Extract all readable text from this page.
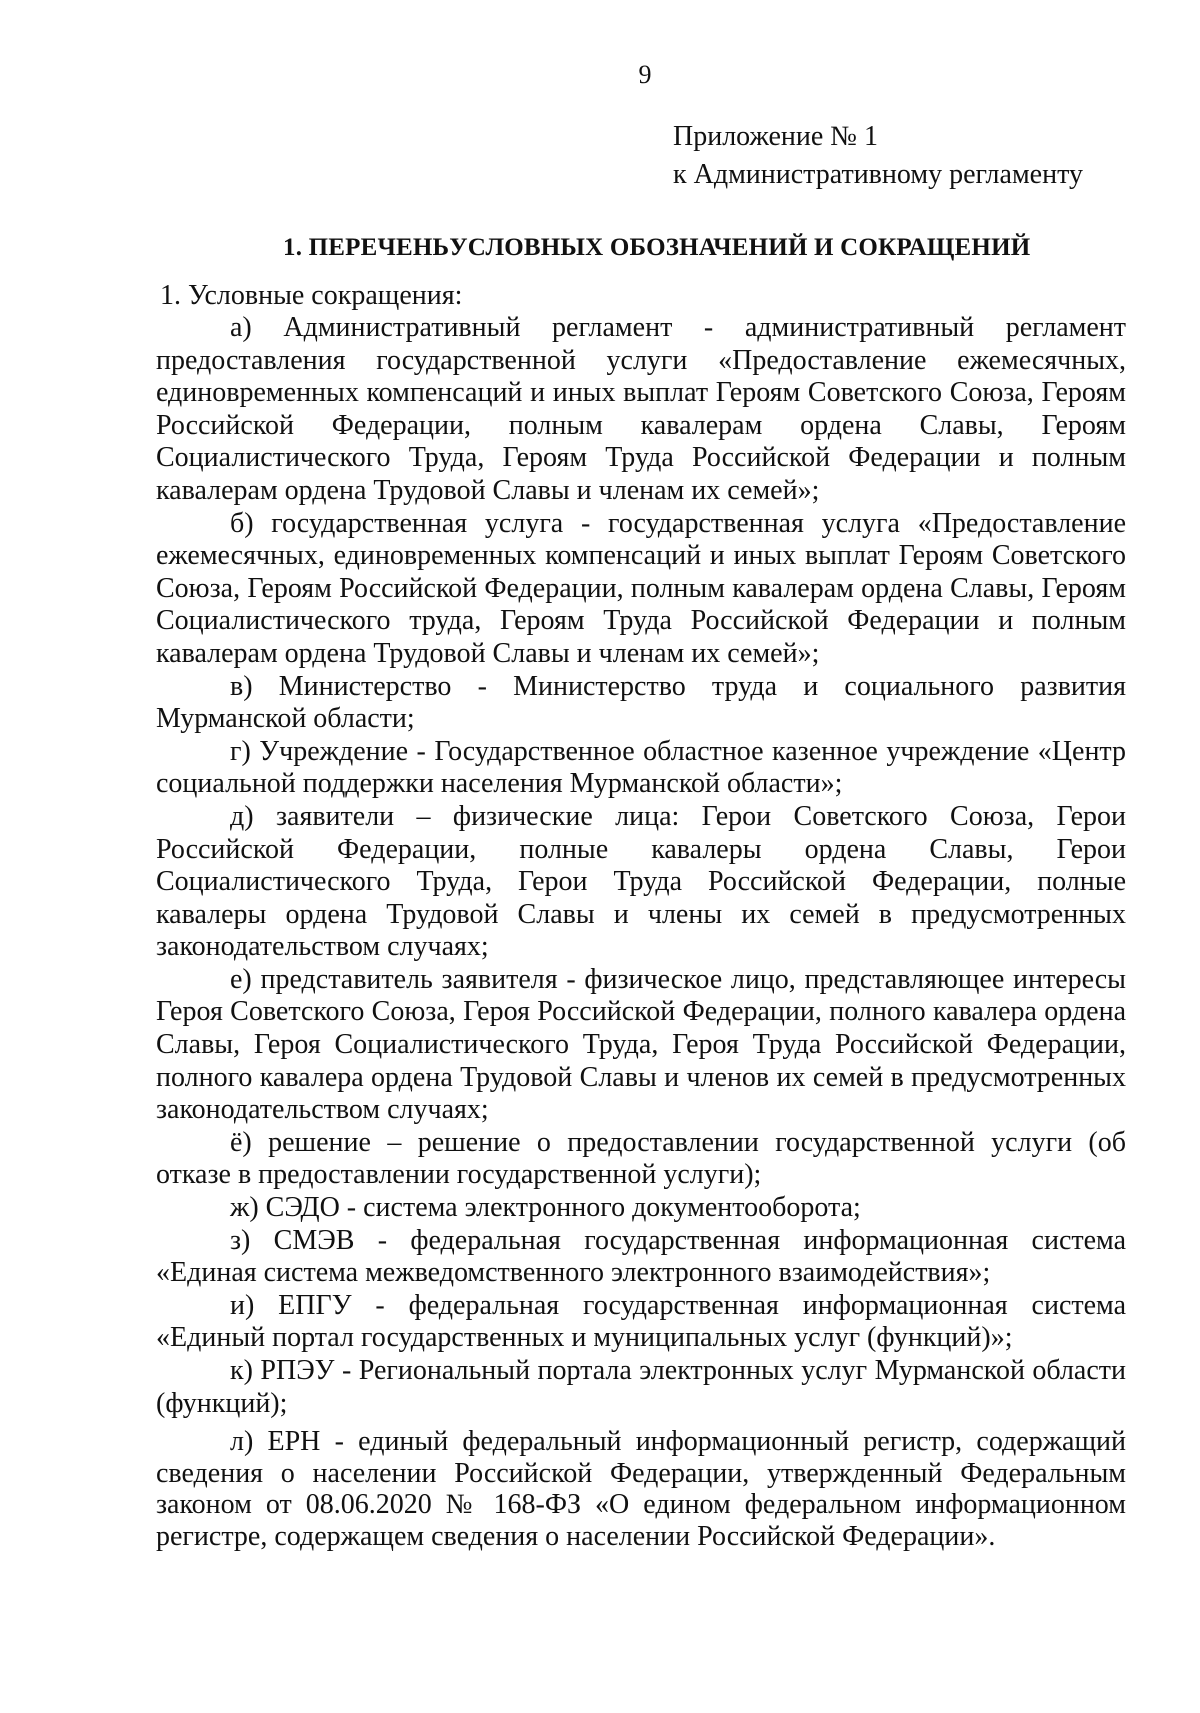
9
Приложение № 1
к Административному регламенту
1. ПЕРЕЧЕНЬУСЛОВНЫХ ОБОЗНАЧЕНИЙ И СОКРАЩЕНИЙ
1. Условные сокращения:

а) Административный регламент - административный регламент предоставления государственной услуги «Предоставление ежемесячных, единовременных компенсаций и иных выплат Героям Советского Союза, Героям Российской Федерации, полным кавалерам ордена Славы, Героям Социалистического Труда, Героям Труда Российской Федерации и полным кавалерам ордена Трудовой Славы и членам их семей»;

б) государственная услуга - государственная услуга «Предоставление ежемесячных, единовременных компенсаций и иных выплат Героям Советского Союза, Героям Российской Федерации, полным кавалерам ордена Славы, Героям Социалистического труда, Героям Труда Российской Федерации и полным кавалерам ордена Трудовой Славы и членам их семей»;

в) Министерство - Министерство труда и социального развития Мурманской области;

г) Учреждение - Государственное областное казенное учреждение «Центр социальной поддержки населения Мурманской области»;

д) заявители – физические лица: Герои Советского Союза, Герои Российской Федерации, полные кавалеры ордена Славы, Герои Социалистического Труда, Герои Труда Российской Федерации, полные кавалеры ордена Трудовой Славы и члены их семей в предусмотренных законодательством случаях;

е) представитель заявителя - физическое лицо, представляющее интересы Героя Советского Союза, Героя Российской Федерации, полного кавалера ордена Славы, Героя Социалистического Труда, Героя Труда Российской Федерации, полного кавалера ордена Трудовой Славы и членов их семей в предусмотренных законодательством случаях;

ё) решение – решение о предоставлении государственной услуги (об отказе в предоставлении государственной услуги);

ж) СЭДО - система электронного документооборота;

з) СМЭВ - федеральная государственная информационная система «Единая система межведомственного электронного взаимодействия»;

и) ЕПГУ - федеральная государственная информационная система «Единый портал государственных и муниципальных услуг (функций)»;

к) РПЭУ - Региональный портала электронных услуг Мурманской области (функций);

л) ЕРН - единый федеральный информационный регистр, содержащий сведения о населении Российской Федерации, утвержденный Федеральным законом от 08.06.2020 № 168-ФЗ «О едином федеральном информационном регистре, содержащем сведения о населении Российской Федерации».
